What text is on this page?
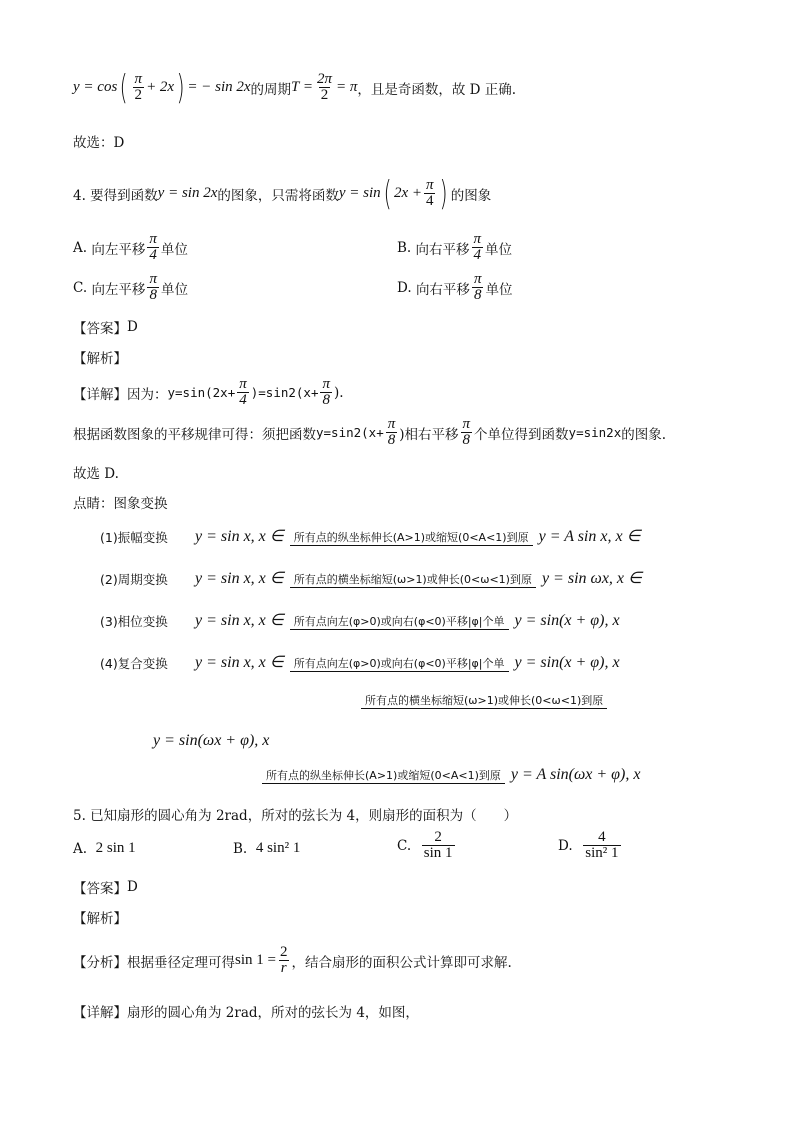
y = cos ( $\frac{\pi}{2} + 2x$ ) = − sin 2x 的周期 $T = \frac{2\pi}{2} = \pi$ ，且是奇函数，故 D 正确.
故选：D
4. 要得到函数 y = sin 2x 的图象，只需将函数 y = sin ( $2x + \frac{\pi}{4}$ ) 的图象
A.
向左平移 $\frac{\pi}{4}$ 单位	B.
向右平移 $\frac{\pi}{4}$ 单位
C.
向左平移 $\frac{\pi}{8}$ 单位	D.
向右平移 $\frac{\pi}{8}$ 单位
【答案】 D
【解析】
【详解】 因为： $y=\sin(2x+ \frac{\pi}{4} )=\sin 2(x+ \frac{\pi}{8}$ ).
根据函数图象的平移规律可得：须把函数 $y=\sin 2(x+ \frac{\pi}{8}$ )相右平移 $\frac{\pi}{8}$ 个单位得到函数 y=sin2x 的图象.
故选 D.
点睛：图象变换
(1)振幅变换	y = sin x, x ∈ 所有点的纵坐标伸长(A>1)或缩短(0<A<1)到原 y = A sin x, x ∈
(2)周期变换	y = sin x, x ∈ 所有点的横坐标缩短(ω>1)或伸长(0<ω<1)到原 y = sin ωx, x ∈
(3)相位变换	y = sin x, x ∈ 所有点向左(φ>0)或向右(φ<0)平移|φ|个单 y = sin(x + φ), x
(4)复合变换	y = sin x, x ∈ 所有点向左(φ>0)或向右(φ<0)平移|φ|个单 y = sin(x + φ), x
所有点的横坐标缩短(ω>1)或伸长(0<ω<1)到原
y = sin(ωx + φ), x
所有点的纵坐标伸长(A>1)或缩短(0<A<1)到原 y = A sin(ωx + φ), x
5. 已知扇形的圆心角为 2rad，所对的弦长为 4，则扇形的面积为（　　）
A.
2 sin 1	B.
4 sin² 1	C.
$\frac{2}{\sin 1}$	D.
$\frac{4}{\text{sin² 1}}$
【答案】 D
【解析】
【分析】 根据垂径定理可得 $\sin 1 = \frac{2}{r}$ ，结合扇形的面积公式计算即可求解.
【详解】 扇形的圆心角为 2rad，所对的弦长为 4，如图，
